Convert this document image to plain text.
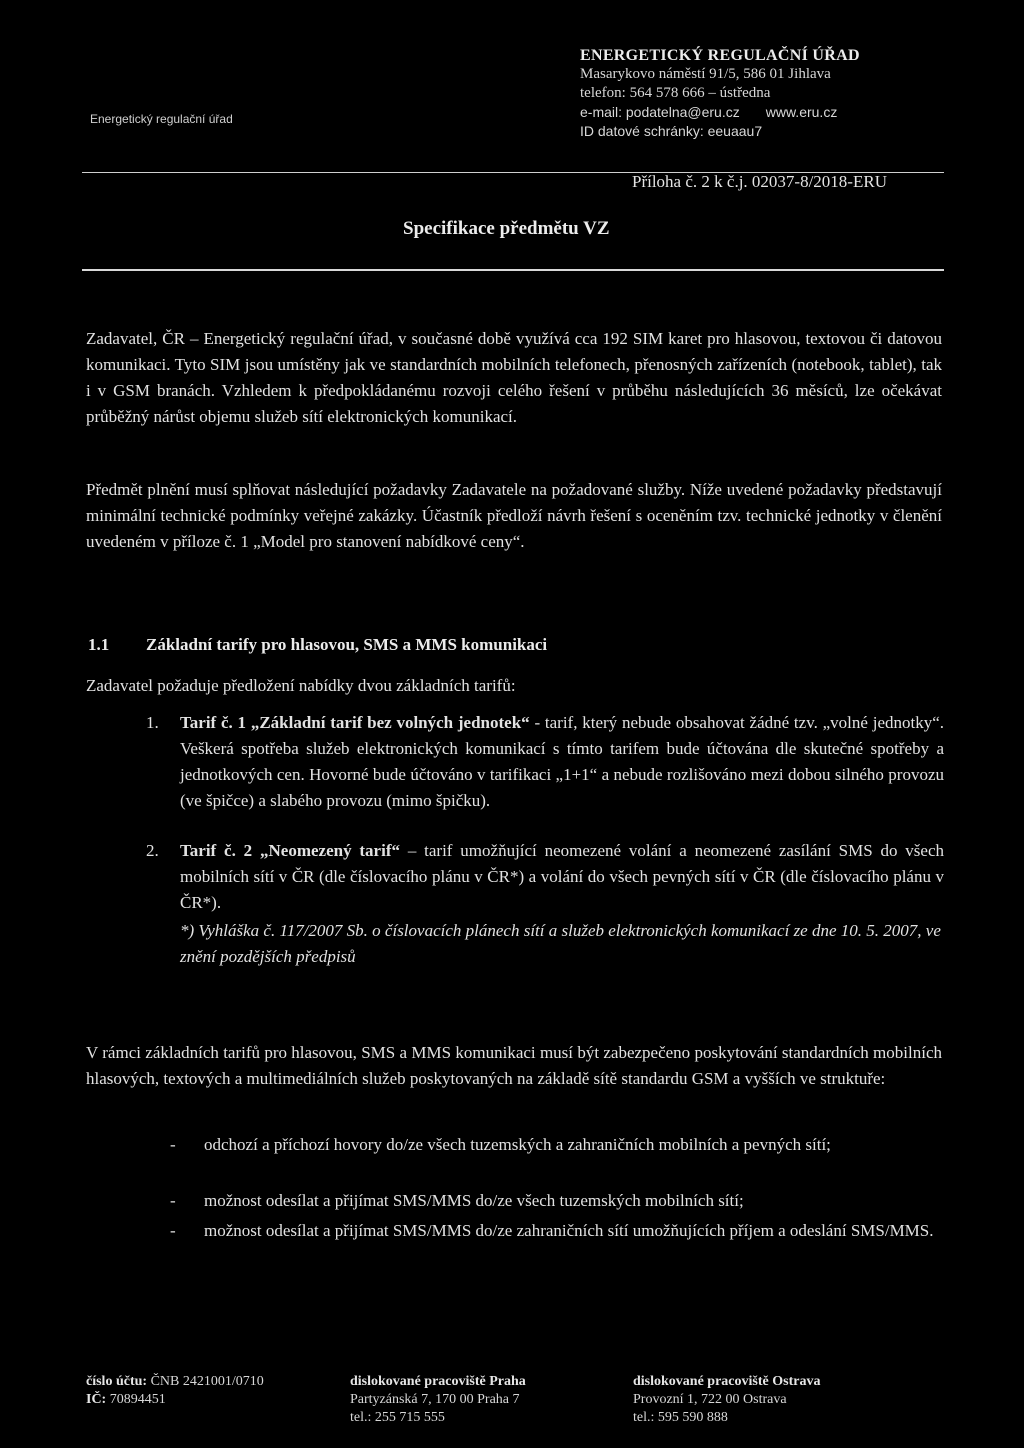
Energetický regulační úřad
ENERGETICKÝ REGULAČNÍ ÚŘAD
Masarykovo náměstí 91/5, 586 01 Jihlava
telefon: 564 578 666 – ústředna
e-mail: podatelna@eru.cz www.eru.cz
ID datové schránky: eeuaau7
Příloha č. 2 k č.j. 02037-8/2018-ERU
Specifikace předmětu VZ

Zadavatel, ČR – Energetický regulační úřad, v současné době využívá cca 192 SIM karet pro hlasovou, textovou či datovou komunikaci. Tyto SIM jsou umístěny jak ve standardních mobilních telefonech, přenosných zařízeních (notebook, tablet), tak i v GSM branách. Vzhledem k předpokládanému rozvoji celého řešení v průběhu následujících 36 měsíců, lze očekávat průběžný nárůst objemu služeb sítí elektronických komunikací.

Předmět plnění musí splňovat následující požadavky Zadavatele na požadované služby. Níže uvedené požadavky představují minimální technické podmínky veřejné zakázky. Účastník předloží návrh řešení s oceněním tzv. technické jednotky v členění uvedeném v příloze č. 1 „Model pro stanovení nabídkové ceny“.

1.1 Základní tarify pro hlasovou, SMS a MMS komunikaci
Zadavatel požaduje předložení nabídky dvou základních tarifů:
1. Tarif č. 1 „Základní tarif bez volných jednotek“ - tarif, který nebude obsahovat žádné tzv. „volné jednotky“. Veškerá spotřeba služeb elektronických komunikací s tímto tarifem bude účtována dle skutečné spotřeby a jednotkových cen. Hovorné bude účtováno v tarifikaci „1+1“ a nebude rozlišováno mezi dobou silného provozu (ve špičce) a slabého provozu (mimo špičku).
2. Tarif č. 2 „Neomezený tarif“ – tarif umožňující neomezené volání a neomezené zasílání SMS do všech mobilních sítí v ČR (dle číslovacího plánu v ČR*) a volání do všech pevných sítí v ČR (dle číslovacího plánu v ČR*).
*) Vyhláška č. 117/2007 Sb. o číslovacích plánech sítí a služeb elektronických komunikací ze dne 10. 5. 2007, ve znění pozdějších předpisů

V rámci základních tarifů pro hlasovou, SMS a MMS komunikaci musí být zabezpečeno poskytování standardních mobilních hlasových, textových a multimediálních služeb poskytovaných na základě sítě standardu GSM a vyšších ve struktuře:

- odchozí a příchozí hovory do/ze všech tuzemských a zahraničních mobilních a pevných sítí;
- možnost odesílat a přijímat SMS/MMS do/ze všech tuzemských mobilních sítí;
- možnost odesílat a přijímat SMS/MMS do/ze zahraničních sítí umožňujících příjem a odeslání SMS/MMS.
číslo účtu: ČNB 2421001/0710
IČ: 70894451
dislokované pracoviště Praha
Partyzánská 7, 170 00 Praha 7
tel.: 255 715 555
dislokované pracoviště Ostrava
Provozní 1, 722 00 Ostrava
tel.: 595 590 888
